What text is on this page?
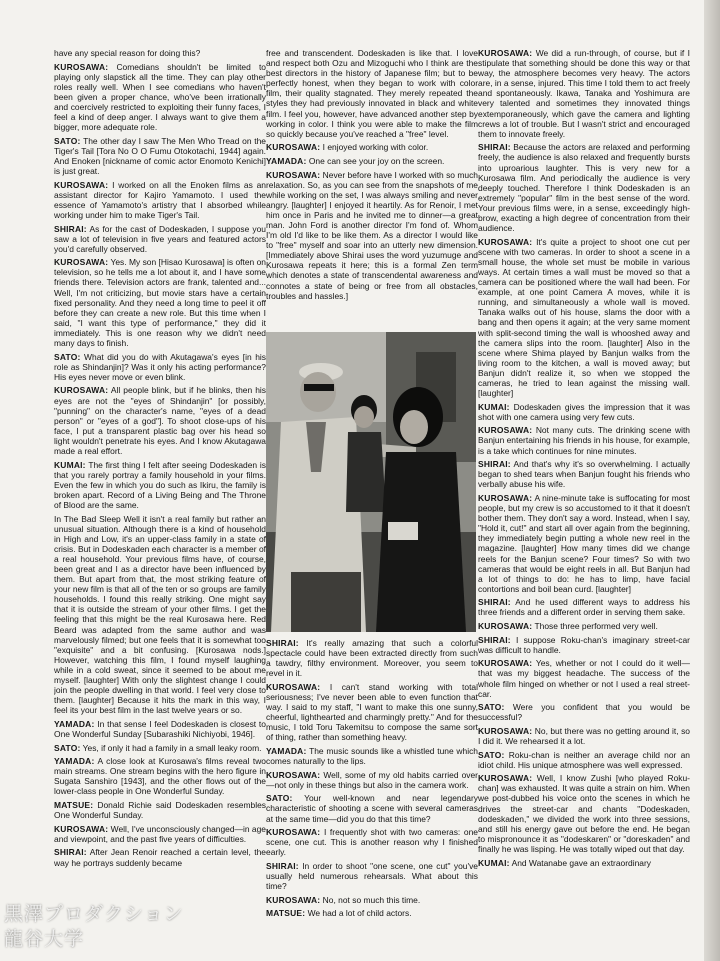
have any special reason for doing this?

KUROSAWA: Comedians shouldn't be limited to playing only slapstick all the time. They can play other roles really well. When I see comedians who haven't been given a proper chance, who've been irrationally and coercively restricted to exploiting their funny faces, I feel a kind of deep anger. I always want to give them a bigger, more adequate role.

SATO: The other day I saw The Men Who Tread on the Tiger's Tail [Tora No O O Fumu Otokotachi, 1944] again. And Enoken [nickname of comic actor Enomoto Kenichi] is just great.

KUROSAWA: I worked on all the Enoken films as an assistant director for Kajiro Yamamoto. I used the essence of Yamamoto's artistry that I absorbed while working under him to make Tiger's Tail.

SHIRAI: As for the cast of Dodeskaden, I suppose you saw a lot of television in five years and featured actors you'd carefully observed.

KUROSAWA: Yes. My son [Hisao Kurosawa] is often on television, so he tells me a lot about it, and I have some friends there. Television actors are frank, talented and... Well, I'm not criticizing, but movie stars have a certain fixed personality. And they need a long time to peel it off before they can create a new role. But this time when I said, "I want this type of performance," they did it immediately. This is one reason why we didn't need many days to finish.

SATO: What did you do with Akutagawa's eyes [in his role as Shindanjin]? Was it only his acting performance? His eyes never move or even blink.

KUROSAWA: All people blink, but if he blinks, then his eyes are not the "eyes of Shindanjin" [or possibly, "punning" on the character's name, "eyes of a dead person" or "eyes of a god"]. To shoot close-ups of his face, I put a transparent plastic bag over his head so light wouldn't penetrate his eyes. And I know Akutagawa made a real effort.

KUMAI: The first thing I felt after seeing Dodeskaden is that you rarely portray a family household in your films. Even the few in which you do such as Ikiru, the family is broken apart. Record of a Living Being and The Throne of Blood are the same.

In The Bad Sleep Well it isn't a real family but rather an unusual situation. Although there is a kind of household in High and Low, it's an upper-class family in a state of crisis. But in Dodeskaden each character is a member of a real household. Your previous films have, of course, been great and I as a director have been influenced by them. But apart from that, the most striking feature of your new film is that all of the ten or so groups are family households. I found this really striking. One might say that it is outside the stream of your other films. I get the feeling that this might be the real Kurosawa here. Red Beard was adapted from the same author and was marvelously filmed; but one feels that it is somewhat too "exquisite" and a bit confusing. [Kurosawa nods.] However, watching this film, I found myself laughing while in a cold sweat, since it seemed to be about me myself. [laughter] With only the slightest change I could join the people dwelling in that world. I feel very close to them. [laughter] Because it hits the mark in this way, I feel its your best film in the last twelve years or so.

YAMADA: In that sense I feel Dodeskaden is closest to One Wonderful Sunday [Subarashiki Nichiyobi, 1946].

SATO: Yes, if only it had a family in a small leaky room.

YAMADA: A close look at Kurosawa's films reveal two main streams. One stream begins with the hero figure in Sugata Sanshiro [1943], and the other flows out of the lower-class people in One Wonderful Sunday.

MATSUE: Donald Richie said Dodeskaden resembles One Wonderful Sunday.

KUROSAWA: Well, I've unconsciously changed—in age and viewpoint, and the past five years of difficulties.

SHIRAI: After Jean Renoir reached a certain level, the way he portrays suddenly became

free and transcendent. Dodeskaden is like that. I love and respect both Ozu and Mizoguchi who I think are the best directors in the history of Japanese film; but to be perfectly honest, when they began to work with color film, their quality stagnated. They merely repeated the styles they had previously innovated in black and white film. I feel you, however, have advanced another step by working in color. I think you were able to make the film so quickly because you've reached a "free" level.

KUROSAWA: I enjoyed working with color.

YAMADA: One can see your joy on the screen.

KUROSAWA: Never before have I worked with so much relaxation. So, as you can see from the snapshots of me while working on the set, I was always smiling and never angry. [laughter] I enjoyed it heartily. As for Renoir, I met him once in Paris and he invited me to dinner—a great man. John Ford is another director I'm fond of. Whom I'm old I'd like to be like them. As a director I would like to "free" myself and soar into an utterly new dimension. [Immediately above Shirai uses the word yuzumuge and Kurosawa repeats it here; this is a formal Zen term which denotes a state of transcendental awareness and connotes a state of being or free from all obstacles, troubles and hassles.]

SHIRAI: It's really amazing that such a colorful spectacle could have been extracted directly from such a tawdry, filthy environment. Moreover, you seem to revel in it.

KUROSAWA: I can't stand working with total seriousness; I've never been able to even function that way. I said to my staff, "I want to make this one sunny, cheerful, lighthearted and charmingly pretty." And for the music, I told Toru Takemitsu to compose the same sort of thing, rather than something heavy.

YAMADA: The music sounds like a whistled tune which comes naturally to the lips.

KUROSAWA: Well, some of my old habits carried over—not only in these things but also in the camera work.

SATO: Your well-known and near legendary characteristic of shooting a scene with several cameras at the same time—did you do that this time?

KUROSAWA: I frequently shot with two cameras: one scene, one cut. This is another reason why I finished early.

SHIRAI: In order to shoot "one scene, one cut" you've usually held numerous rehearsals. What about this time?

KUROSAWA: No, not so much this time.

MATSUE: We had a lot of child actors.

KUROSAWA: We did a run-through, of course, but if I stipulate that something should be done this way or that way, the atmosphere becomes very heavy. The actors are, in a sense, injured. This time I told them to act freely and spontaneously. Ikawa, Tanaka and Yoshimura are very talented and sometimes they innovated things extemporaneously, which gave the camera and lighting crews a lot of trouble. But I wasn't strict and encouraged them to innovate freely.

SHIRAI: Because the actors are relaxed and performing freely, the audience is also relaxed and frequently bursts into uproarious laughter. This is very new for a Kurosawa film. And periodically the audience is very deeply touched. Therefore I think Dodeskaden is an extremely "popular" film in the best sense of the word. Your previous films were, in a sense, exceedingly high-brow, exacting a high degree of concentration from their audience.

KUROSAWA: It's quite a project to shoot one cut per scene with two cameras. In order to shoot a scene in a small house, the whole set must be mobile in various ways. At certain times a wall must be moved so that a camera can be positioned where the wall had been. For example, at one point Camera A moves, while it is running, and simultaneously a whole wall is moved. Tanaka walks out of his house, slams the door with a bang and then opens it again; at the very same moment with split-second timing the wall is whooshed away and the camera slips into the room. [laughter] Also in the scene where Shima played by Banjun walks from the living room to the kitchen, a wall is moved away; but Banjun didn't realize it, so when we stopped the cameras, he tried to lean against the missing wall. [laughter]

KUMAI: Dodeskaden gives the impression that it was shot with one camera using very few cuts.

KUROSAWA: Not many cuts. The drinking scene with Banjun entertaining his friends in his house, for example, is a take which continues for nine minutes.

SHIRAI: And that's why it's so overwhelming. I actually began to shed tears when Banjun fought his friends who verbally abuse his wife.

KUROSAWA: A nine-minute take is suffocating for most people, but my crew is so accustomed to it that it doesn't bother them. They don't say a word. Instead, when I say, "Hold it, cut!" and start all over again from the beginning, they immediately begin putting a whole new reel in the magazine. [laughter] How many times did we change reels for the Banjun scene? Four times? So with two cameras that would be eight reels in all. But Banjun had a lot of things to do: he has to limp, have facial contortions and boil bean curd. [laughter]

SHIRAI: And he used different ways to address his three friends and a different order in serving them sake.

KUROSAWA: Those three performed very well.

SHIRAI: I suppose Roku-chan's imaginary street-car was difficult to handle.

KUROSAWA: Yes, whether or not I could do it well—that was my biggest headache. The success of the whole film hinged on whether or not I used a real street-car.

SATO: Were you confident that you would be successful?

KUROSAWA: No, but there was no getting around it, so I did it. We rehearsed it a lot.

SATO: Roku-chan is neither an average child nor an idiot child. His unique atmosphere was well expressed.

KUROSAWA: Well, I know Zushi [who played Roku-chan] was exhausted. It was quite a strain on him. When we post-dubbed his voice onto the scenes in which he drives the street-car and chants "Dodeskaden, dodeskaden," we divided the work into three sessions, and still his energy gave out before the end. He began to mispronounce it as "dodeskaren" or "doreskaden" and finally he was lisping. He was totally wiped out that day.

KUMAI: And Watanabe gave an extraordinary

黒澤プロダクション
龍谷大学
